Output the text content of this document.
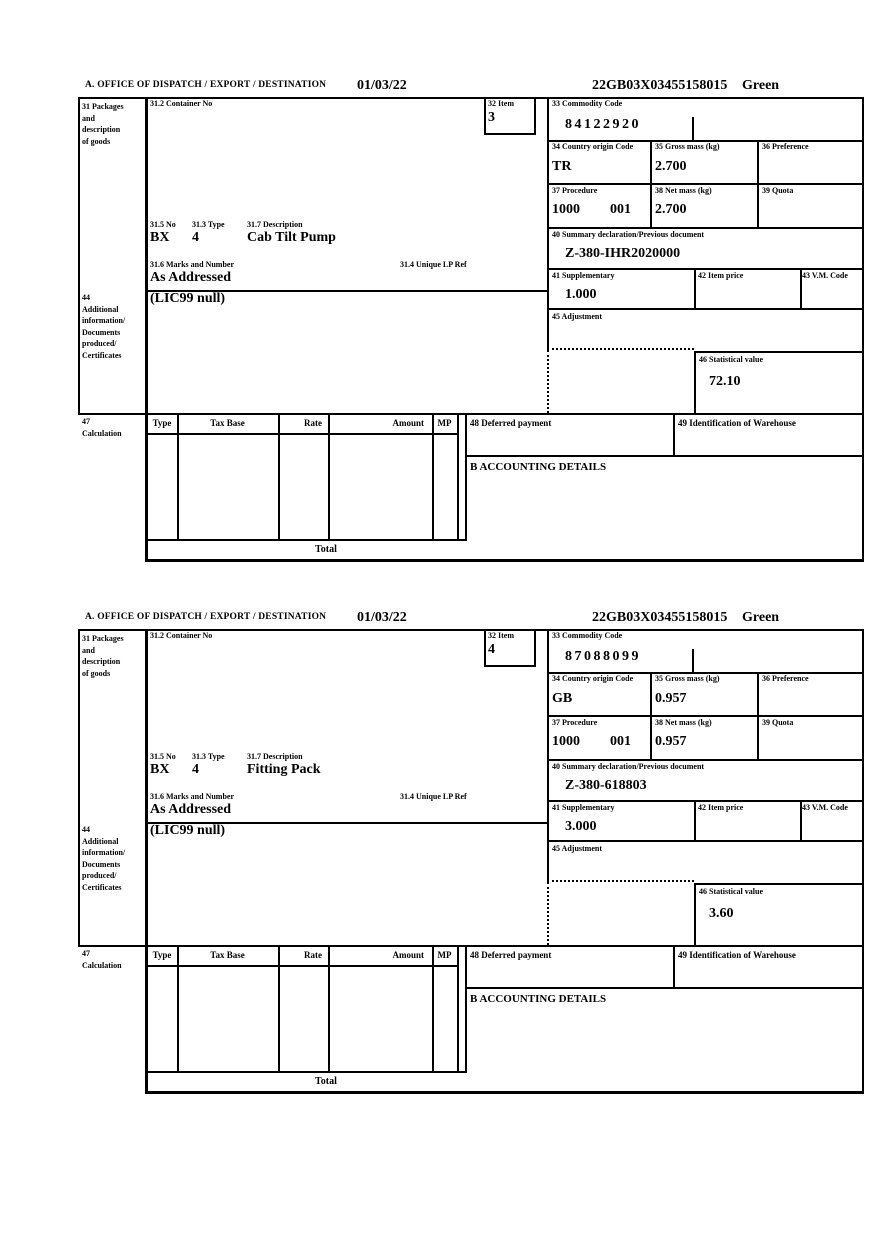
A. OFFICE OF DISPATCH / EXPORT / DESTINATION 01/03/22	22GB03X03455158015 Green
31 Packages
and
description
of goods
44
Additional
information/
Documents
produced/
Certificates
47
Calculation
31.2 Container No	32 Item
3
31.5 No 31.3 Type	31.7 Description
BX 4	Cab Tilt Pump
31.6 Marks and Number	31.4 Unique LP Ref
As Addressed
(LIC99 null)
33 Commodity Code
84122920
34 Country origin Code
TR
35 Gross mass (kg)
2.700
36 Preference
37 Procedure
1000 001
38 Net mass (kg)
2.700
39 Quota
40 Summary declaration/Previous document
Z-380-IHR2020000
41 Supplementary
1.000
42 Item price	43 V.M. Code
45 Adjustment
46 Statistical value
72.10
Type	Tax Base	Rate	Amount	MP	48 Deferred payment	49 Identification of Warehouse
B ACCOUNTING DETAILS
Total
A. OFFICE OF DISPATCH / EXPORT / DESTINATION 01/03/22	22GB03X03455158015 Green
31 Packages
and
description
of goods
44
Additional
information/
Documents
produced/
Certificates
47
Calculation
31.2 Container No	32 Item
4
31.5 No 31.3 Type	31.7 Description
BX 4	Fitting Pack
31.6 Marks and Number	31.4 Unique LP Ref
As Addressed
(LIC99 null)
33 Commodity Code
87088099
34 Country origin Code
GB
35 Gross mass (kg)
0.957
36 Preference
37 Procedure
1000 001
38 Net mass (kg)
0.957
39 Quota
40 Summary declaration/Previous document
Z-380-618803
41 Supplementary
3.000
42 Item price	43 V.M. Code
45 Adjustment
46 Statistical value
3.60
Type	Tax Base	Rate	Amount	MP	48 Deferred payment	49 Identification of Warehouse
B ACCOUNTING DETAILS
Total
